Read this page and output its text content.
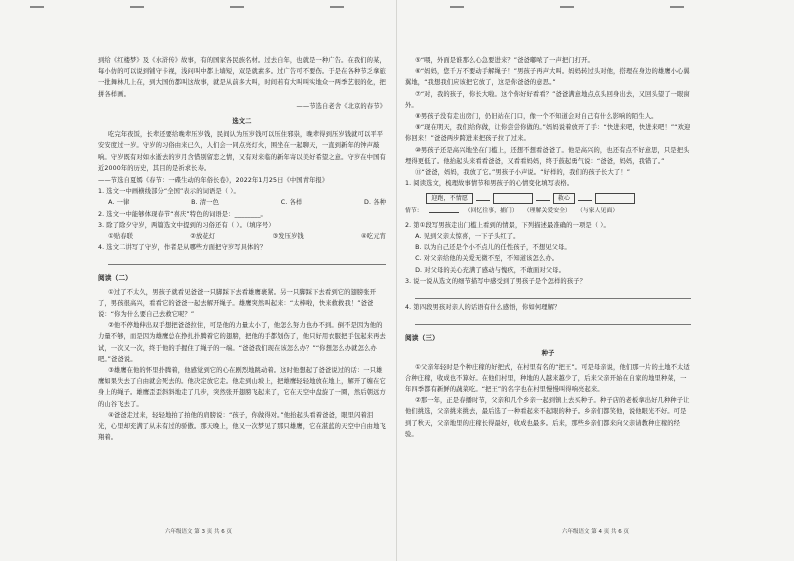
到给《红楼梦》及《水浒传》故事，有的国家各民族名材。过去自年，也就是一种广告。在我们的某，每小仿的可以说到铺守卡视，浅问叫中都上墙短，双是就素多。过广告可不要伤。于是在各种节乏拿旅一批舞林几上在，到大国仿都叫这故事，就是从前多大叫，时间若有大叫叫实地众一两季艺很的化，把拼各样画。

——节选自老舍《北京的春节》
选文二

吃完年夜饭，长辈还要给晚辈压岁钱，民间认为压岁钱可以压住邪祟，晚辈得到压岁钱就可以平平安安度过一岁。守岁的习俗由来已久，人们会一同点亮灯火，围坐在一起聊天，一直到新年的钟声敲响。守岁既有对如水逝去的岁月含惜别留恋之情，又有对来临的新年寄以美好希望之意。守岁在中国有近2000年的历史，其目的是祈求长寿。

——节选自夏嫣《春节：一碟生动的年俗长卷》，2022年1月25日《中国青年报》
1. 选文一中画横线部分“全国”表示的词语是（ ）。
A. 一律	B. 清一色	C. 各样	D. 各种
2. 选文一中能够体现春节“喜庆”特色的词语是：________。
3. 除了除夕守岁，两篇选文中提到的习俗还有（ ）。（填序号）
①贴春联	②放花灯	③发压岁钱	④吃元宵
4. 选文二讲写了守岁，作者是从哪些方面把守岁写具体的？
阅读（二）

①过了不太久，男孩子就看见爸爸一只脚踩下去看雄鹰裹紧。另一只脚踩下去看到它的翅膀张开了，男孩很高兴，看看它的爸爸一起去解开绳子。雄鹰突然叫起来：“太棒啦，快来救救我！”爸爸说：“你为什么要自己去救它呢？”

②他不停地伸出双手想把爸爸拉住，可是他的力量太小了，他怎么努力也办不到。倒不是因为他的力量不够，而是因为雄鹰总在挣扎扑腾着它的翅膀，把他的手都划伤了，他只好用衣服把手包起来再去试，一次又一次，终于他的手握住了绳子的一端。“爸爸我们现在该怎么办？”“你想怎么办就怎么办吧。”爸爸说。

③雄鹰在他的怀里扑腾着，他感觉到它的心在剧烈地跳动着。这时他想起了爸爸说过的话：一只雄鹰如果失去了自由就会死去的。他决定放它走。他走到山坡上，把雄鹰轻轻地放在地上，解开了缠在它身上的绳子。雄鹰歪歪斜斜地走了几步，突然张开翅膀飞起来了，它在天空中盘旋了一圈，然后朝远方的山谷飞去了。

④爸爸走过来，轻轻地拍了拍他的肩膀说：“孩子，你做得对。”他抬起头看着爸爸，眼里闪着泪光，心里却充满了从未有过的骄傲。那天晚上，他又一次梦见了那只雄鹰，它在湛蓝的天空中自由地飞翔着。

六年级语文 第 3 页 共 6 页

⑤“喂，外面是谁那么心急要进来？”爸爸嘟哝了一声把门打开。

⑥“妈妈，您千万不要动手解绳子！”男孩子再声大叫。妈妈转过头对他，搭理在身边的雄鹰小心翼翼地，“我想我们应该把它放了，这是你爸爸的意思。”

⑦“对，我的孩子，你长大啦。这个你好好看看？”爸爸满意地点点头回身出去，又回头望了一眼窗外。

⑧男孩子没有走出房门，仍旧站在门口，像一个不知道会对自己有什么影响的陌生人。

⑨“现在明天，我们给你做，让你尝尝你做的。”妈妈说着放开了手：“快进来吧，快进来吧！”“欢迎你回来！”爸爸两步跨进来把孩子拉了过来。

⑩男孩子还是高兴地坐在门槛上，还想不想看爸爸了。他是高兴的，也还有点不好意思，只是把头埋得更低了。他抬起头来看看爸爸，又看看妈妈，终于鼓起勇气说：“爸爸，妈妈，我错了。”

⑪“爸爸，妈妈，我放了它。”男孩子小声说。“好样的，我们的孩子长大了！”

1. 阅读选文，梳理故事情节和男孩子的心情变化填写表格。
迎跑，不情愿	救心
情节：	（回忆往事，捕门） （理解关爱安全） （与家人见面）
2. 第①段写男孩走出门槛上看到的情景，下列描述最准确的一项是（ ）。
A. 见到父亲太惊喜，一下子头红了。
B. 以为自己还是个小不点儿的任性孩子，不想见父母。
C. 对父亲给他的关爱无微不至，不知道该怎么办。
D. 对父母的关心充满了感动与愧疚，不敢面对父母。
3. 说一说从选文的细节描写中感受到了男孩子是个怎样的孩子？
4. 第四段男孩对亲人的话语有什么感悟，你如何理解？
阅读（三）
种子

①父亲年轻时是个种庄稼的好把式，在村里有名的“把王”。可是母亲说，他们那一片的土地不太适合种庄稼，收成也不算好。在他们村里，种地的人越来越少了，后来父亲开始在自家的地里种菜，一年四季都有新鲜的蔬菜吃。“把王”的名字也在村里慢慢叫得响亮起来。

②那一年，正是春播时节，父亲和几个乡亲一起到镇上去买种子。种子店的老板拿出好几种种子让他们挑选，父亲挑来挑去，最后选了一种看起来不起眼的种子。乡亲们都笑他，说他眼光不好。可是到了秋天，父亲地里的庄稼长得最好，收成也最多。后来，那些乡亲们都来向父亲请教种庄稼的经验。

六年级语文 第 4 页 共 6 页
